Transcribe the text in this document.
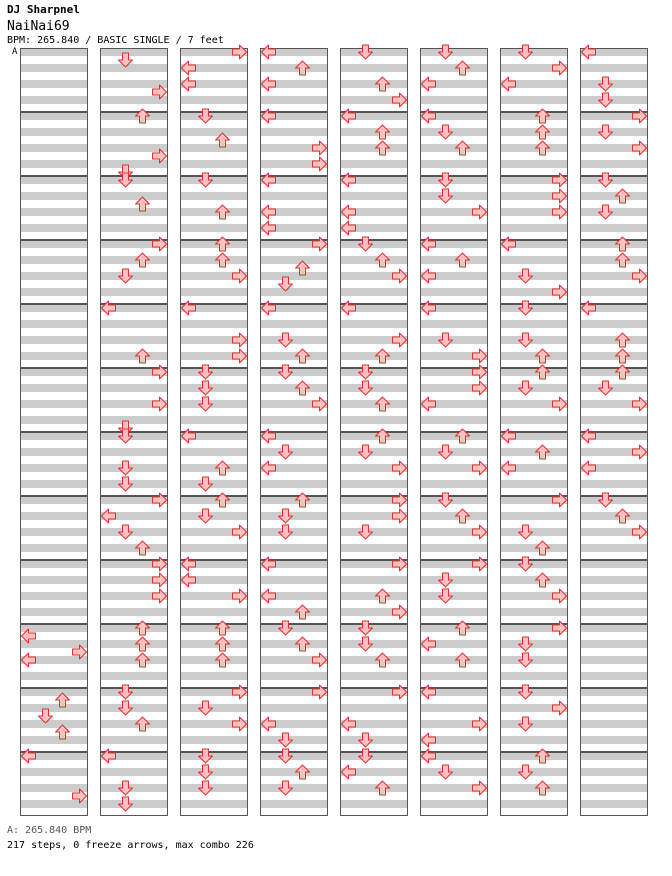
DJ Sharpnel
NaiNai69
BPM: 265.840 / BASIC SINGLE / 7 feet
A
A: 265.840 BPM
217 steps, 0 freeze arrows, max combo 226
